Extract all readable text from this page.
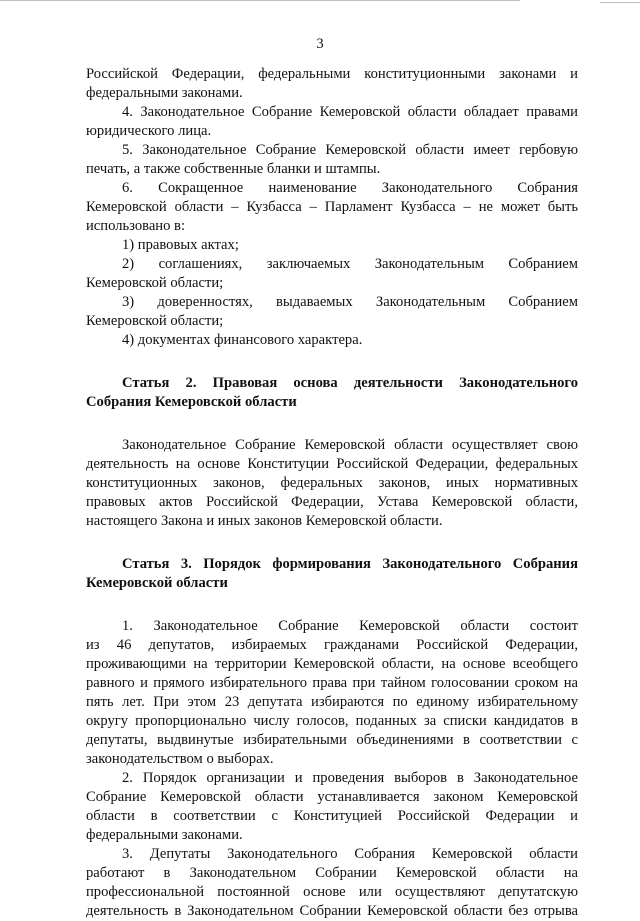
3
Российской Федерации, федеральными конституционными законами и
федеральными законами.
4. Законодательное Собрание Кемеровской области обладает правами
юридического лица.
5. Законодательное Собрание Кемеровской области имеет гербовую
печать, а также собственные бланки и штампы.
6. Сокращенное наименование Законодательного Собрания
Кемеровской области – Кузбасса – Парламент Кузбасса – не может быть
использовано в:
1) правовых актах;
2) соглашениях, заключаемых Законодательным Собранием
Кемеровской области;
3) доверенностях, выдаваемых Законодательным Собранием
Кемеровской области;
4) документах финансового характера.
Статья 2. Правовая основа деятельности Законодательного
Собрания Кемеровской области
Законодательное Собрание Кемеровской области осуществляет свою
деятельность на основе Конституции Российской Федерации, федеральных
конституционных законов, федеральных законов, иных нормативных
правовых актов Российской Федерации, Устава Кемеровской области,
настоящего Закона и иных законов Кемеровской области.
Статья 3. Порядок формирования Законодательного Собрания
Кемеровской области
1. Законодательное Собрание Кемеровской области состоит
из 46 депутатов, избираемых гражданами Российской Федерации,
проживающими на территории Кемеровской области, на основе всеобщего
равного и прямого избирательного права при тайном голосовании сроком на
пять лет. При этом 23 депутата избираются по единому избирательному
округу пропорционально числу голосов, поданных за списки кандидатов в
депутаты, выдвинутые избирательными объединениями в соответствии с
законодательством о выборах.
2. Порядок организации и проведения выборов в Законодательное
Собрание Кемеровской области устанавливается законом Кемеровской
области в соответствии с Конституцией Российской Федерации и
федеральными законами.
3. Депутаты Законодательного Собрания Кемеровской области
работают в Законодательном Собрании Кемеровской области на
профессиональной постоянной основе или осуществляют депутатскую
деятельность в Законодательном Собрании Кемеровской области без отрыва
